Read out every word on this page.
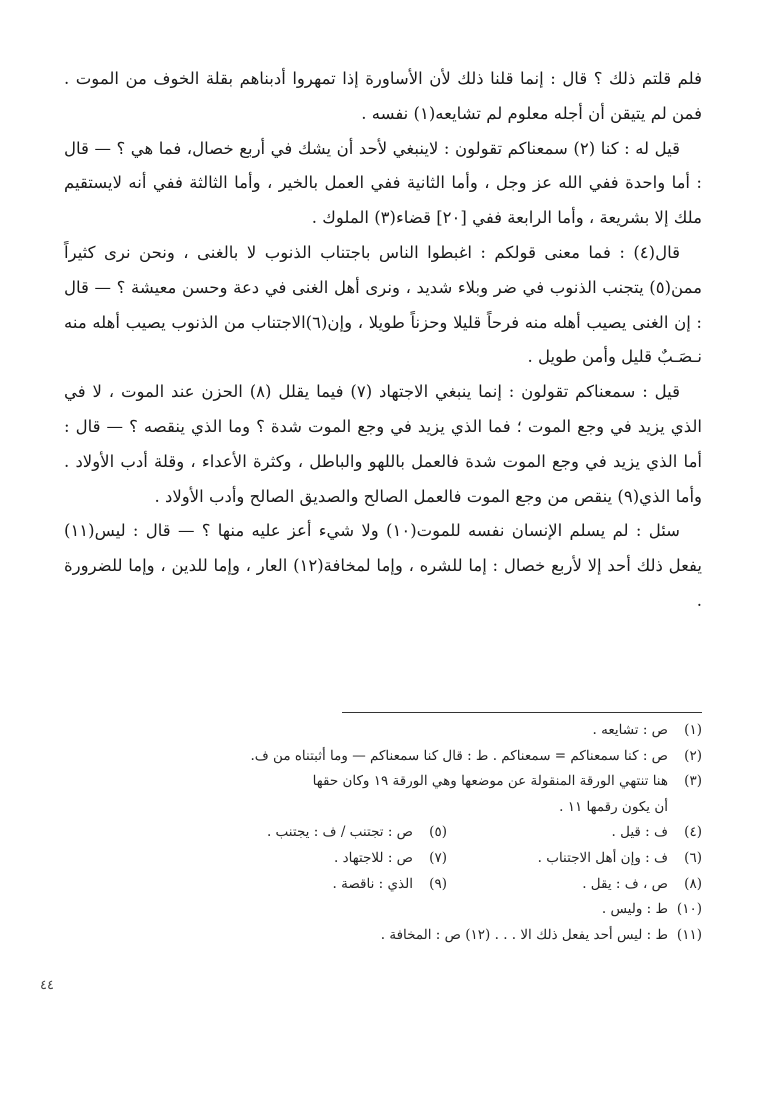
فلم قلتم ذلك ؟ قال : إنما قلنا ذلك لأن الأساورة إذا تمهروا أدبناهم بقلة الخوف من الموت . فمن لم يتيقن أن أجله معلوم لم تشايعه(١) نفسه .

قيل له : كنا (٢) سمعناكم تقولون : لاينبغي لأحد أن يشك في أربع خصال، فما هي ؟ — قال : أما واحدة ففي الله عز وجل ، وأما الثانية ففي العمل بالخير ، وأما الثالثة ففي أنه لايستقيم ملك إلا بشريعة ، وأما الرابعة ففي [٢٠] قضاء(٣) الملوك .

قال(٤) : فما معنى قولكم : اغبطوا الناس باجتناب الذنوب لا بالغنى ، ونحن نرى كثيراً ممن(٥) يتجنب الذنوب في ضر وبلاء شديد ، ونرى أهل الغنى في دعة وحسن معيشة ؟ — قال : إن الغنى يصيب أهله منه فرحاً قليلا وحزناً طويلا ، وإن(٦)الاجتناب من الذنوب يصيب أهله منه نـصَـبٌ قليل وأمن طويل .

قيل : سمعناكم تقولون : إنما ينبغي الاجتهاد (٧) فيما يقلل (٨) الحزن عند الموت ، لا في الذي يزيد في وجع الموت ؛ فما الذي يزيد في وجع الموت شدة ؟ وما الذي ينقصه ؟ — قال : أما الذي يزيد في وجع الموت شدة فالعمل باللهو والباطل ، وكثرة الأعداء ، وقلة أدب الأولاد . وأما الذي(٩) ينقص من وجع الموت فالعمل الصالح والصديق الصالح وأدب الأولاد .

سئل : لم يسلم الإنسان نفسه للموت(١٠) ولا شيء أعز عليه منها ؟ — قال : ليس(١١) يفعل ذلك أحد إلا لأربع خصال : إما للشره ، وإما لمخافة(١٢) العار ، وإما للدين ، وإما للضرورة .

(١)
ص : تشايعه .
(٢)
ص : كنا سمعناكم = سمعناكم . ط : قال كنا سمعناكم — وما أثبتناه من ف.
(٣)
هنا تنتهي الورقة المنقولة عن موضعها وهي الورقة ١٩ وكان حقها
أن يكون رقمها ١١ .
(٤)
ف : قيل .
(٥)
ص : تجتنب / ف : يجتنب .
(٦)
ف : وإن أهل الاجتناب .
(٧)
ص : للاجتهاد .
(٨)
ص ، ف : يقل .
(٩)
الذي : ناقصة .
(١٠)
ط : وليس .
(١١)
ط : ليس أحد يفعل ذلك الا . . . (١٢) ص : المخافة .
٤٤
